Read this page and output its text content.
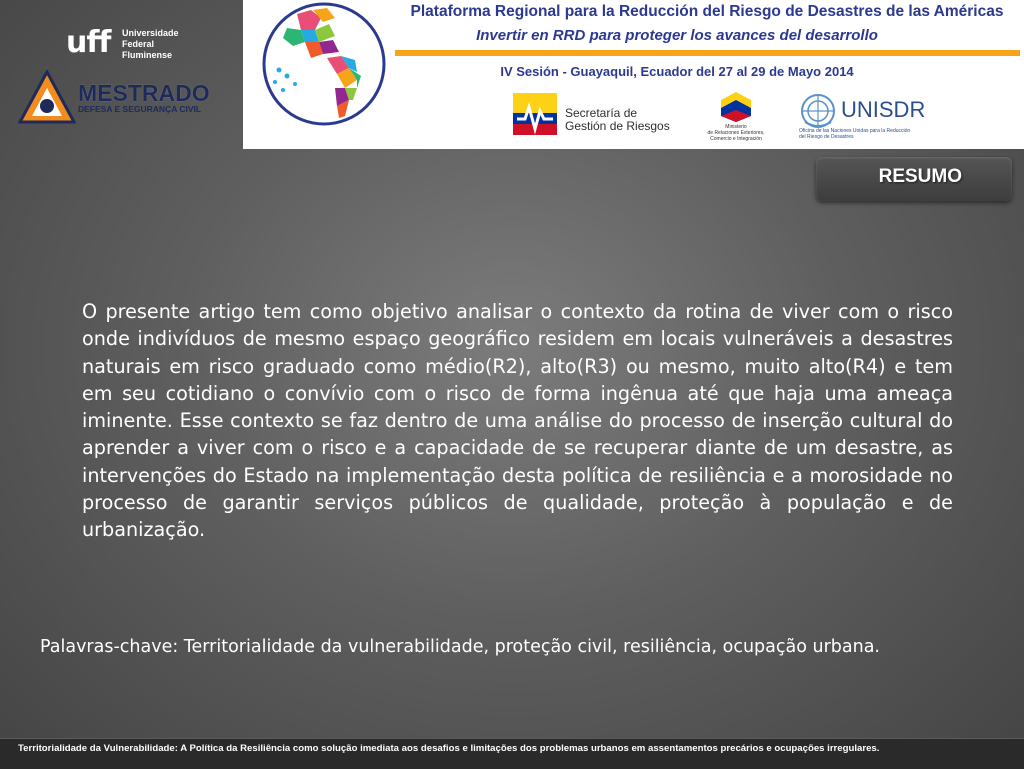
uff Universidade
Federal
Fluminense
MESTRADO
DEFESA E SEGURANÇA CIVIL
Plataforma Regional para la Reducción del Riesgo de Desastres de las Américas
Invertir en RRD para proteger los avances del desarrollo
IV Sesión - Guayaquil, Ecuador del 27 al 29 de Mayo 2014
Secretaría de
Gestión de Riesgos	Ministerio
de Relaciones Exteriores,
Comercio e Integración
UNISDR
Oficina de las Naciones Unidas para la Reducción
del Riesgo de Desastres
RESUMO

O presente artigo tem como objetivo analisar o contexto da rotina de viver com o risco onde indivíduos de mesmo espaço geográfico residem em locais vulneráveis a desastres naturais em risco graduado como médio(R2), alto(R3) ou mesmo, muito alto(R4) e tem em seu cotidiano o convívio com o risco de forma ingênua até que haja uma ameaça iminente. Esse contexto se faz dentro de uma análise do processo de inserção cultural do aprender a viver com o risco e a capacidade de se recuperar diante de um desastre, as intervenções do Estado na implementação desta política de resiliência e a morosidade no processo de garantir serviços públicos de qualidade, proteção à população e de urbanização.

Palavras-chave: Territorialidade da vulnerabilidade, proteção civil, resiliência, ocupação urbana.

Territorialidade da Vulnerabilidade: A Política da Resiliência como solução imediata aos desafios e limitações dos problemas urbanos em assentamentos precários e ocupações irregulares.
